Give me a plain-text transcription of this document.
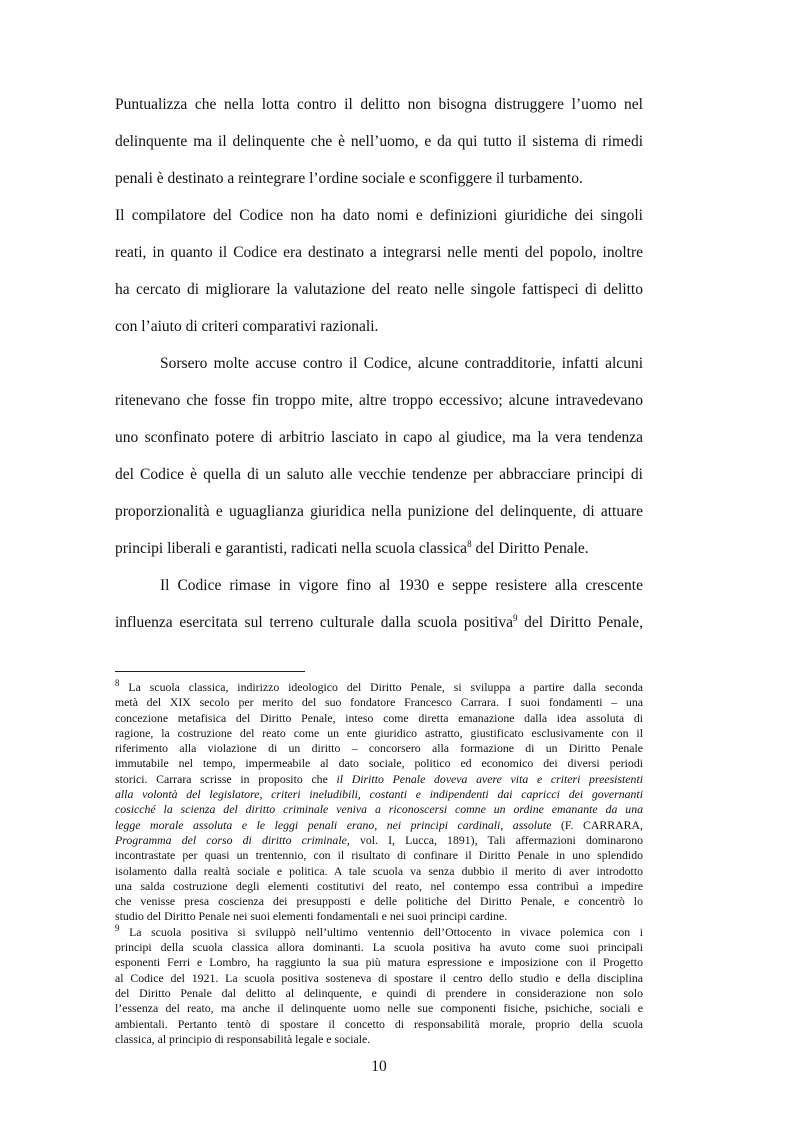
Puntualizza che nella lotta contro il delitto non bisogna distruggere l’uomo nel
delinquente ma il delinquente che è nell’uomo, e da qui tutto il sistema di rimedi
penali è destinato a reintegrare l’ordine sociale e sconfiggere il turbamento.
Il compilatore del Codice non ha dato nomi e definizioni giuridiche dei singoli
reati, in quanto il Codice era destinato a integrarsi nelle menti del popolo, inoltre
ha cercato di migliorare la valutazione del reato nelle singole fattispeci di delitto
con l’aiuto di criteri comparativi razionali.
Sorsero molte accuse contro il Codice, alcune contradditorie, infatti alcuni
ritenevano che fosse fin troppo mite, altre troppo eccessivo; alcune intravedevano
uno sconfinato potere di arbitrio lasciato in capo al giudice, ma la vera tendenza
del Codice è quella di un saluto alle vecchie tendenze per abbracciare principi di
proporzionalità e uguaglianza giuridica nella punizione del delinquente, di attuare
principi liberali e garantisti, radicati nella scuola classica$^8$ del Diritto Penale.
Il Codice rimase in vigore fino al 1930 e seppe resistere alla crescente
influenza esercitata sul terreno culturale dalla scuola positiva$^9$ del Diritto Penale,
$^8$ La scuola classica, indirizzo ideologico del Diritto Penale, si sviluppa a partire dalla seconda
metà del XIX secolo per merito del suo fondatore Francesco Carrara. I suoi fondamenti – una
concezione metafisica del Diritto Penale, inteso come diretta emanazione dalla idea assoluta di
ragione, la costruzione del reato come un ente giuridico astratto, giustificato esclusivamente con il
riferimento alla violazione di un diritto – concorsero alla formazione di un Diritto Penale
immutabile nel tempo, impermeabile al dato sociale, politico ed economico dei diversi periodi
storici. Carrara scrisse in proposito che il Diritto Penale doveva avere vita e criteri preesistenti
alla volontà del legislatore, criteri ineludibili, costanti e indipendenti dai capricci dei governanti
cosicché la scienza del diritto criminale veniva a riconoscersi comne un ordine emanante da una
legge morale assoluta e le leggi penali erano, nei principi cardinali, assolute (F. CARRARA,
Programma del corso di diritto criminale, vol. I, Lucca, 1891), Tali affermazioni dominarono
incontrastate per quasi un trentennio, con il risultato di confinare il Diritto Penale in uno splendido
isolamento dalla realtà sociale e politica. A tale scuola va senza dubbio il merito di aver introdotto
una salda costruzione degli elementi costitutivi del reato, nel contempo essa contribuì a impedire
che venisse presa coscienza dei presupposti e delle politiche del Diritto Penale, e concentrò lo
studio del Diritto Penale nei suoi elementi fondamentali e nei suoi principi cardine.
$^9$ La scuola positiva si sviluppò nell’ultimo ventennio dell’Ottocento in vivace polemica con i
principi della scuola classica allora dominanti. La scuola positiva ha avuto come suoi principali
esponenti Ferri e Lombro, ha raggiunto la sua più matura espressione e imposizione con il Progetto
al Codice del 1921. La scuola positiva sosteneva di spostare il centro dello studio e della disciplina
del Diritto Penale dal delitto al delinquente, e quindi di prendere in considerazione non solo
l’essenza del reato, ma anche il delinquente uomo nelle sue componenti fisiche, psichiche, sociali e
ambientali. Pertanto tentò di spostare il concetto di responsabilità morale, proprio della scuola
classica, al principio di responsabilità legale e sociale.
10
